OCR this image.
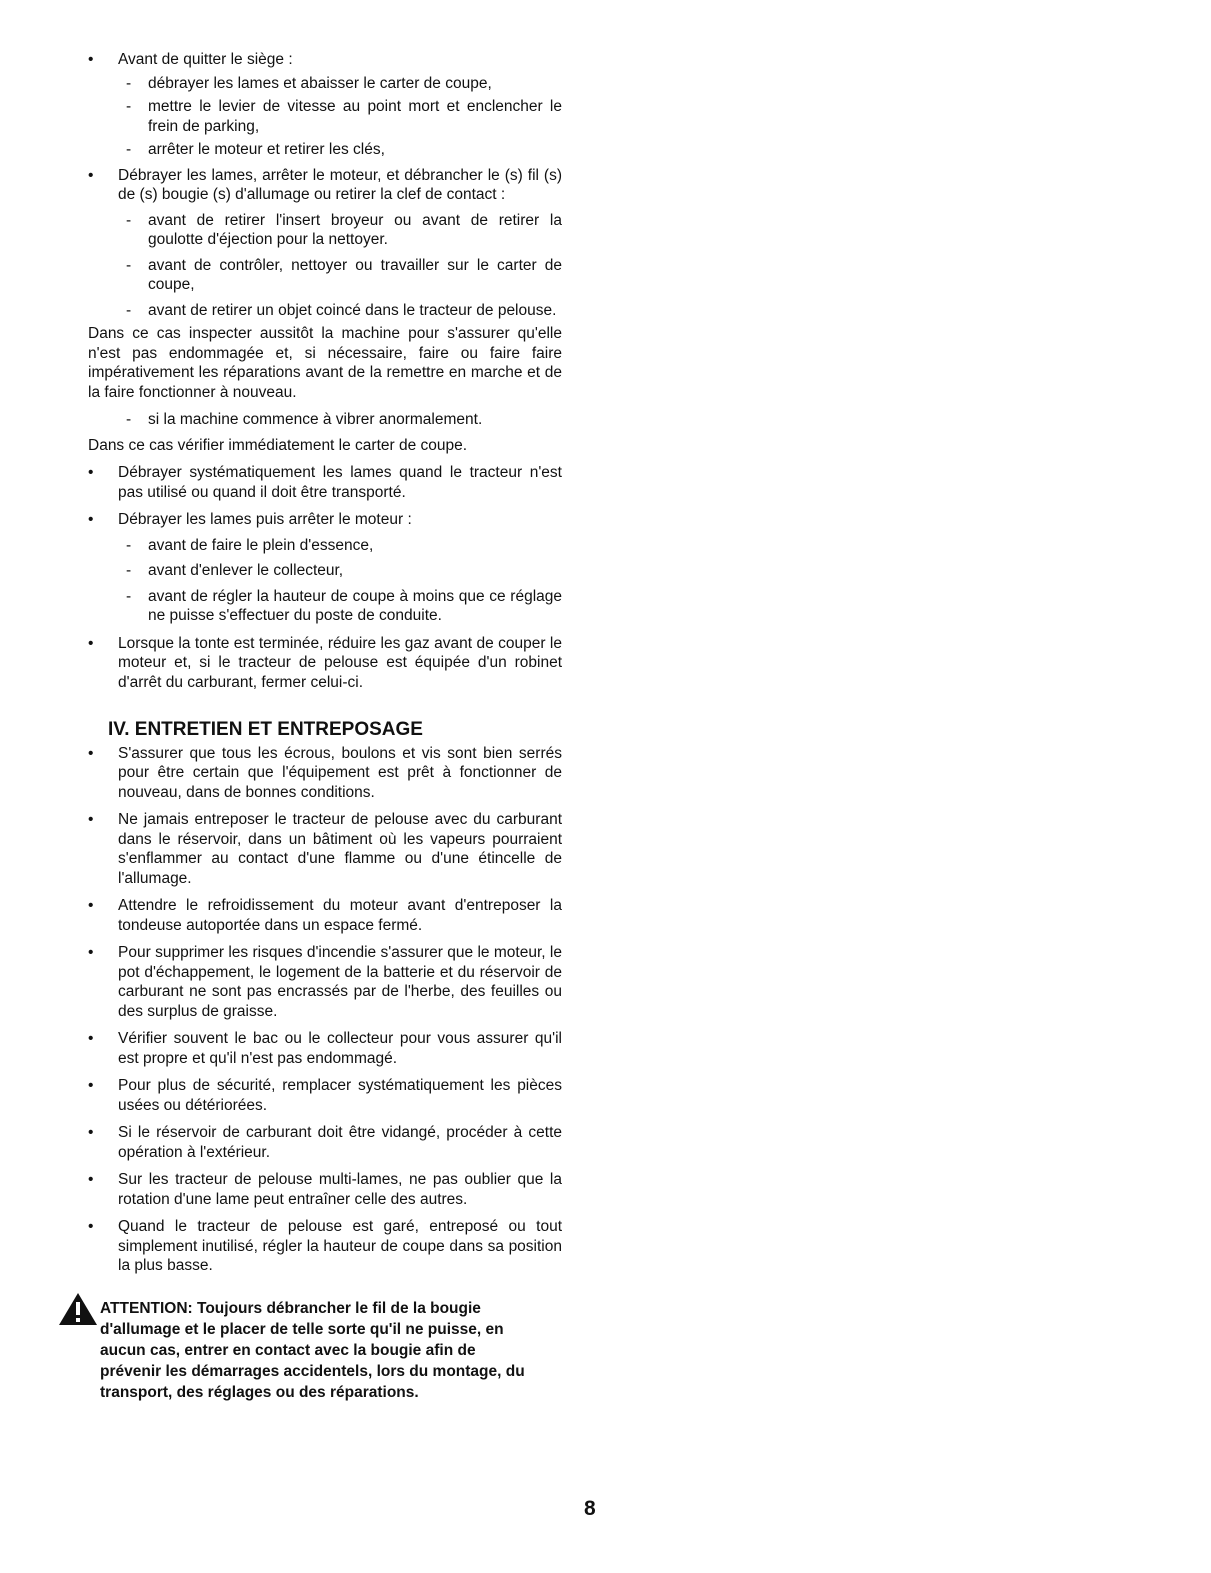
• Avant de quitter le siège :
- débrayer les lames et abaisser le carter de coupe,
- mettre le levier de vitesse au point mort et enclencher le frein de parking,
- arrêter le moteur et retirer les clés,
• Débrayer les lames, arrêter le moteur, et débrancher le (s) fil (s) de (s) bougie (s) d'allumage ou retirer la clef de contact :
- avant de retirer l'insert broyeur ou avant de retirer la goulotte d'éjection pour la nettoyer.
- avant de contrôler, nettoyer ou travailler sur le carter de coupe,
- avant de retirer un objet coincé dans le tracteur de pelouse.
Dans ce cas inspecter aussitôt la machine pour s'assurer qu'elle n'est pas endommagée et, si nécessaire, faire ou faire faire impérativement les réparations avant de la remettre en marche et de la faire fonctionner à nouveau.
- si la machine commence à vibrer anormalement.
Dans ce cas vérifier immédiatement le carter de coupe.
• Débrayer systématiquement les lames quand le tracteur n'est pas utilisé ou quand il doit être transporté.
• Débrayer les lames puis arrêter le moteur :
- avant de faire le plein d'essence,
- avant d'enlever le collecteur,
- avant de régler la hauteur de coupe à moins que ce réglage ne puisse s'effectuer du poste de conduite.
• Lorsque la tonte est terminée, réduire les gaz avant de couper le moteur et, si le tracteur de pelouse est équipée d'un robinet d'arrêt du carburant, fermer celui-ci.
IV. ENTRETIEN ET ENTREPOSAGE
• S'assurer que tous les écrous, boulons et vis sont bien serrés pour être certain que l'équipement est prêt à fonctionner de nouveau, dans de bonnes conditions.
• Ne jamais entreposer le tracteur de pelouse avec du carburant dans le réservoir, dans un bâtiment où les vapeurs pourraient s'enflammer au contact d'une flamme ou d'une étincelle de l'allumage.
• Attendre le refroidissement du moteur avant d'entreposer la tondeuse autoportée dans un espace fermé.
• Pour supprimer les risques d'incendie s'assurer que le moteur, le pot d'échappement, le logement de la batterie et du réservoir de carburant ne sont pas encrassés par de l'herbe, des feuilles ou des surplus de graisse.
• Vérifier souvent le bac ou le collecteur pour vous assurer qu'il est propre et qu'il n'est pas endommagé.
• Pour plus de sécurité, remplacer systématiquement les pièces usées ou détériorées.
• Si le réservoir de carburant doit être vidangé, procéder à cette opération à l'extérieur.
• Sur les tracteur de pelouse multi-lames, ne pas oublier que la rotation d'une lame peut entraîner celle des autres.
• Quand le tracteur de pelouse est garé, entreposé ou tout simplement inutilisé, régler la hauteur de coupe dans sa position la plus basse.
ATTENTION: Toujours débrancher le fil de la bougie d'allumage et le placer de telle sorte qu'il ne puisse, en aucun cas, entrer en contact avec la bougie afin de prévenir les démarrages accidentels, lors du montage, du transport, des réglages ou des réparations.
8
